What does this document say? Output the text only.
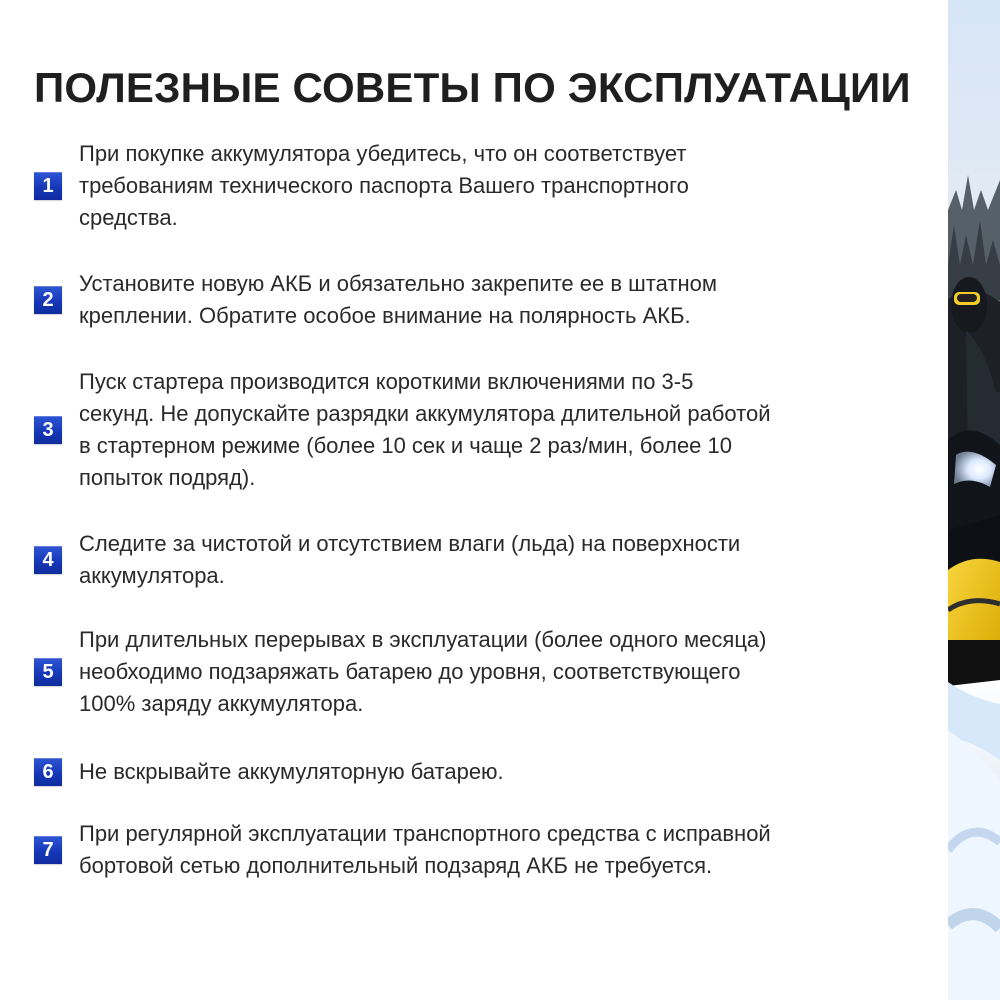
ПОЛЕЗНЫЕ СОВЕТЫ ПО ЭКСПЛУАТАЦИИ
1

При покупке аккумулятора убедитесь, что он соответствует
требованиям технического паспорта Вашего транспортного
средства.

2

Установите новую АКБ и обязательно закрепите ее в штатном
креплении. Обратите особое внимание на полярность АКБ.

3

Пуск стартера производится короткими включениями по 3-5
секунд. Не допускайте разрядки аккумулятора длительной работой
в стартерном режиме (более 10 сек и чаще 2 раз/мин, более 10
попыток подряд).

4

Следите за чистотой и отсутствием влаги (льда) на поверхности
аккумулятора.

5

При длительных перерывах в эксплуатации (более одного месяца)
необходимо подзаряжать батарею до уровня, соответствующего
100% заряду аккумулятора.

6	Не вскрывайте аккумуляторную батарею.

7

При регулярной эксплуатации транспортного средства с исправной
бортовой сетью дополнительный подзаряд АКБ не требуется.
